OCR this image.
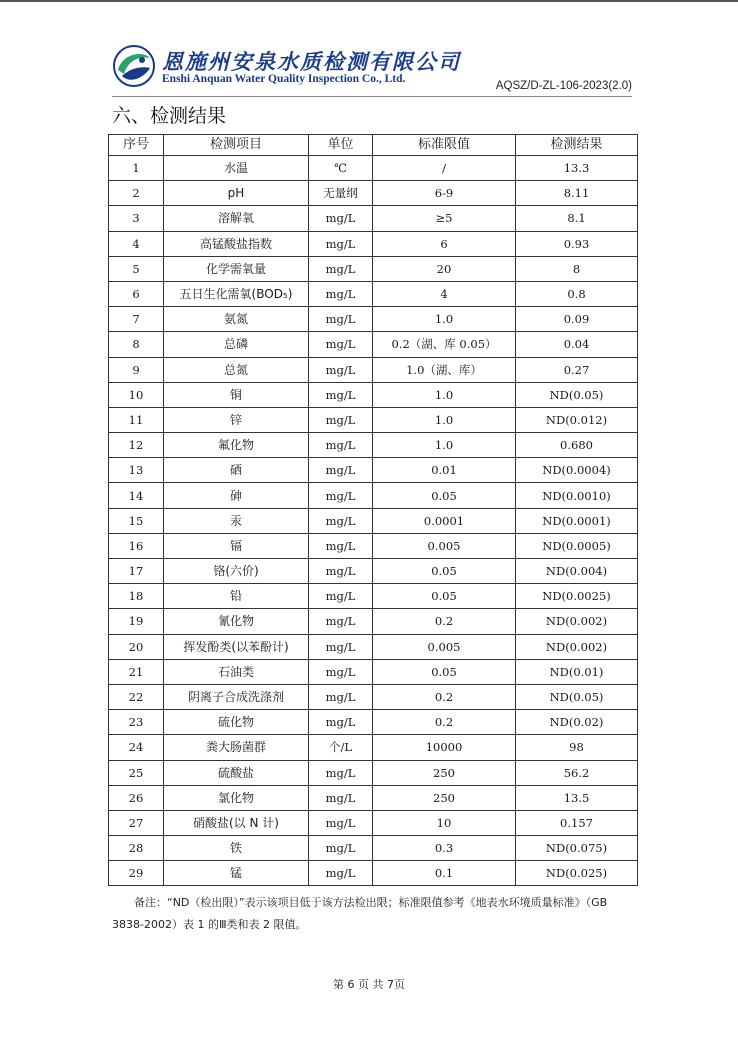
恩施州安泉水质检测有限公司
Enshi Anquan Water Quality Inspection Co., Ltd.
AQSZ/D-ZL-106-2023(2.0)
六、检测结果
序号	检测项目	单位	标准限值	检测结果
1	水温	℃	/	13.3
2	pH	无量纲	6-9	8.11
3	溶解氧	mg/L	≥5	8.1
4	高锰酸盐指数	mg/L	6	0.93
5	化学需氧量	mg/L	20	8
6	五日生化需氧(BOD₅)	mg/L	4	0.8
7	氨氮	mg/L	1.0	0.09
8	总磷	mg/L	0.2（湖、库 0.05）	0.04
9	总氮	mg/L	1.0（湖、库）	0.27
10	铜	mg/L	1.0	ND(0.05)
11	锌	mg/L	1.0	ND(0.012)
12	氟化物	mg/L	1.0	0.680
13	硒	mg/L	0.01	ND(0.0004)
14	砷	mg/L	0.05	ND(0.0010)
15	汞	mg/L	0.0001	ND(0.0001)
16	镉	mg/L	0.005	ND(0.0005)
17	铬(六价)	mg/L	0.05	ND(0.004)
18	铅	mg/L	0.05	ND(0.0025)
19	氰化物	mg/L	0.2	ND(0.002)
20	挥发酚类(以苯酚计)	mg/L	0.005	ND(0.002)
21	石油类	mg/L	0.05	ND(0.01)
22	阴离子合成洗涤剂	mg/L	0.2	ND(0.05)
23	硫化物	mg/L	0.2	ND(0.02)
24	粪大肠菌群	个/L	10000	98
25	硫酸盐	mg/L	250	56.2
26	氯化物	mg/L	250	13.5
27	硝酸盐(以 N 计)	mg/L	10	0.157
28	铁	mg/L	0.3	ND(0.075)
29	锰	mg/L	0.1	ND(0.025)
备注：“ND（检出限）”表示该项目低于该方法检出限；标准限值参考《地表水环境质量标准》（GB 3838-2002）表 1 的Ⅲ类和表 2 限值。
第 6 页 共 7页
